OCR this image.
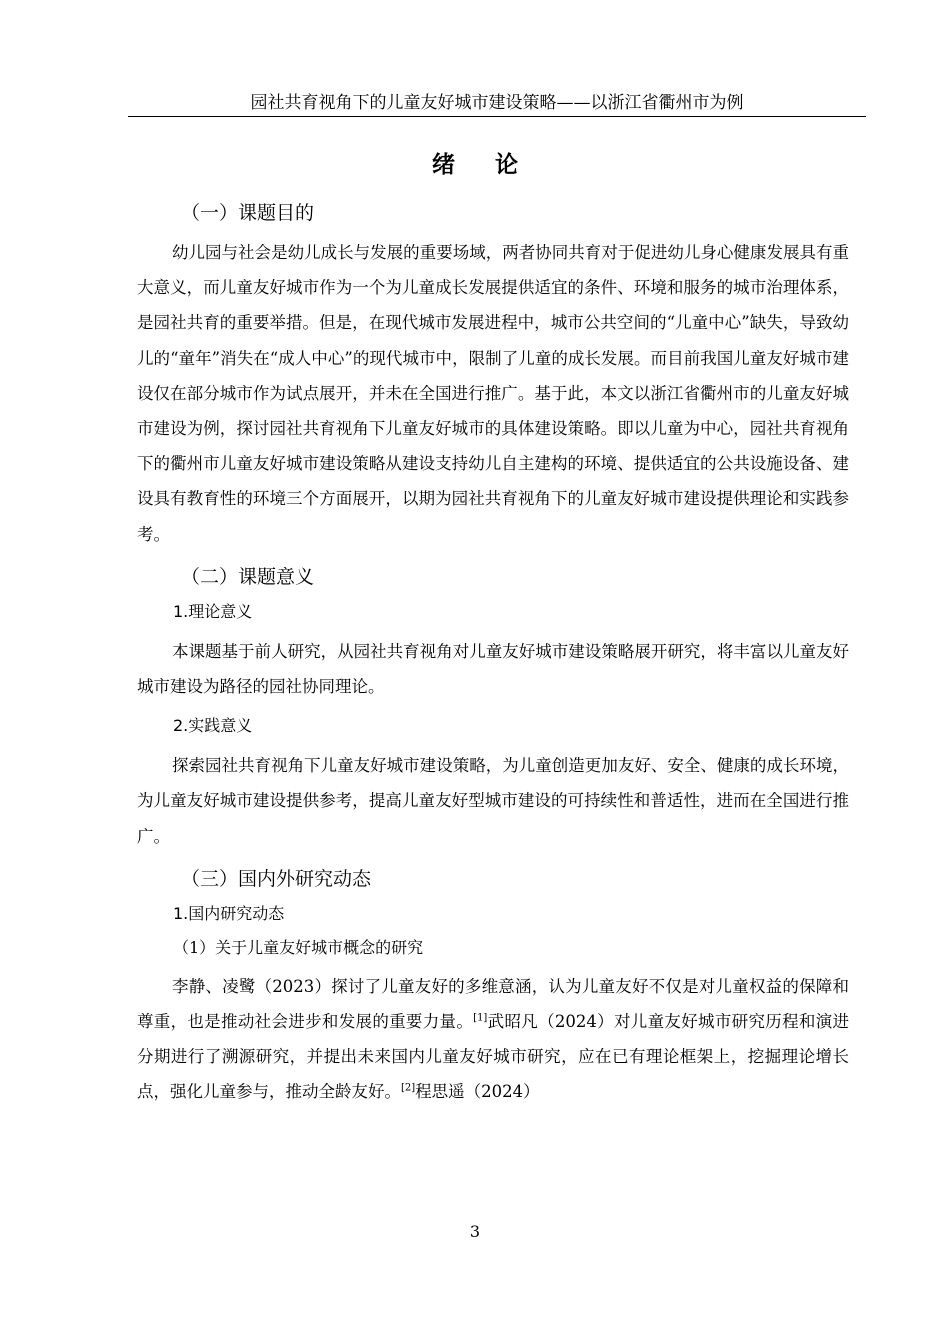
园社共育视角下的儿童友好城市建设策略——以浙江省衢州市为例
绪论

（一）课题目的

幼儿园与社会是幼儿成长与发展的重要场域，两者协同共育对于促进幼儿身心健康发展具有重大意义，而儿童友好城市作为一个为儿童成长发展提供适宜的条件、环境和服务的城市治理体系，是园社共育的重要举措。但是，在现代城市发展进程中，城市公共空间的“儿童中心”缺失，导致幼儿的“童年”消失在“成人中心”的现代城市中，限制了儿童的成长发展。而目前我国儿童友好城市建设仅在部分城市作为试点展开，并未在全国进行推广。基于此，本文以浙江省衢州市的儿童友好城市建设为例，探讨园社共育视角下儿童友好城市的具体建设策略。即以儿童为中心，园社共育视角下的衢州市儿童友好城市建设策略从建设支持幼儿自主建构的环境、提供适宜的公共设施设备、建设具有教育性的环境三个方面展开，以期为园社共育视角下的儿童友好城市建设提供理论和实践参考。

（二）课题意义

1.理论意义

本课题基于前人研究，从园社共育视角对儿童友好城市建设策略展开研究，将丰富以儿童友好城市建设为路径的园社协同理论。

2.实践意义

探索园社共育视角下儿童友好城市建设策略，为儿童创造更加友好、安全、健康的成长环境，为儿童友好城市建设提供参考，提高儿童友好型城市建设的可持续性和普适性，进而在全国进行推广。

（三）国内外研究动态

1.国内研究动态

（1）关于儿童友好城市概念的研究

李静、凌鹭（2023）探讨了儿童友好的多维意涵，认为儿童友好不仅是对儿童权益的保障和尊重，也是推动社会进步和发展的重要力量。[1]武昭凡（2024）对儿童友好城市研究历程和演进分期进行了溯源研究，并提出未来国内儿童友好城市研究，应在已有理论框架上，挖掘理论增长点，强化儿童参与，推动全龄友好。[2]程思遥（2024）

3
